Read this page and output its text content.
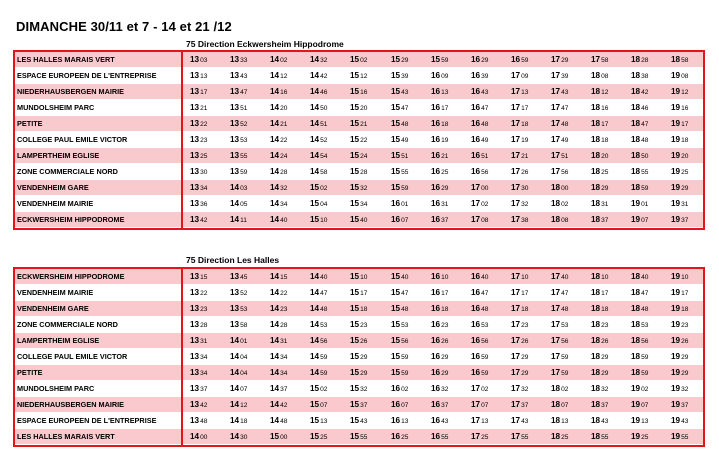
DIMANCHE 30/11 et 7 - 14 et 21 /12
75 Direction Eckwersheim Hippodrome
LES HALLES MARAIS VERT	1303	1333	1402	1432	1502	1529	1559	1629	1659	1729	1758	1828	1858
ESPACE EUROPEEN DE L'ENTREPRISE	1313	1343	1412	1442	1512	1539	1609	1639	1709	1739	1808	1838	1908
NIEDERHAUSBERGEN MAIRIE	1317	1347	1416	1446	1516	1543	1613	1643	1713	1743	1812	1842	1912
MUNDOLSHEIM PARC	1321	1351	1420	1450	1520	1547	1617	1647	1717	1747	1816	1846	1916
PETITE	1322	1352	1421	1451	1521	1548	1618	1648	1718	1748	1817	1847	1917
COLLEGE PAUL EMILE VICTOR	1323	1353	1422	1452	1522	1549	1619	1649	1719	1749	1818	1848	1918
LAMPERTHEIM EGLISE	1325	1355	1424	1454	1524	1551	1621	1651	1721	1751	1820	1850	1920
ZONE COMMERCIALE NORD	1330	1359	1428	1458	1528	1555	1625	1656	1726	1756	1825	1855	1925
VENDENHEIM GARE	1334	1403	1432	1502	1532	1559	1629	1700	1730	1800	1829	1859	1929
VENDENHEIM MAIRIE	1336	1405	1434	1504	1534	1601	1631	1702	1732	1802	1831	1901	1931
ECKWERSHEIM HIPPODROME	1342	1411	1440	1510	1540	1607	1637	1708	1738	1808	1837	1907	1937
75 Direction Les Halles
ECKWERSHEIM HIPPODROME	1315	1345	1415	1440	1510	1540	1610	1640	1710	1740	1810	1840	1910
VENDENHEIM MAIRIE	1322	1352	1422	1447	1517	1547	1617	1647	1717	1747	1817	1847	1917
VENDENHEIM GARE	1323	1353	1423	1448	1518	1548	1618	1648	1718	1748	1818	1848	1918
ZONE COMMERCIALE NORD	1328	1358	1428	1453	1523	1553	1623	1653	1723	1753	1823	1853	1923
LAMPERTHEIM EGLISE	1331	1401	1431	1456	1526	1556	1626	1656	1726	1756	1826	1856	1926
COLLEGE PAUL EMILE VICTOR	1334	1404	1434	1459	1529	1559	1629	1659	1729	1759	1829	1859	1929
PETITE	1334	1404	1434	1459	1529	1559	1629	1659	1729	1759	1829	1859	1929
MUNDOLSHEIM PARC	1337	1407	1437	1502	1532	1602	1632	1702	1732	1802	1832	1902	1932
NIEDERHAUSBERGEN MAIRIE	1342	1412	1442	1507	1537	1607	1637	1707	1737	1807	1837	1907	1937
ESPACE EUROPEEN DE L'ENTREPRISE	1348	1418	1448	1513	1543	1613	1643	1713	1743	1813	1843	1913	1943
LES HALLES MARAIS VERT	1400	1430	1500	1525	1555	1625	1655	1725	1755	1825	1855	1925	1955
